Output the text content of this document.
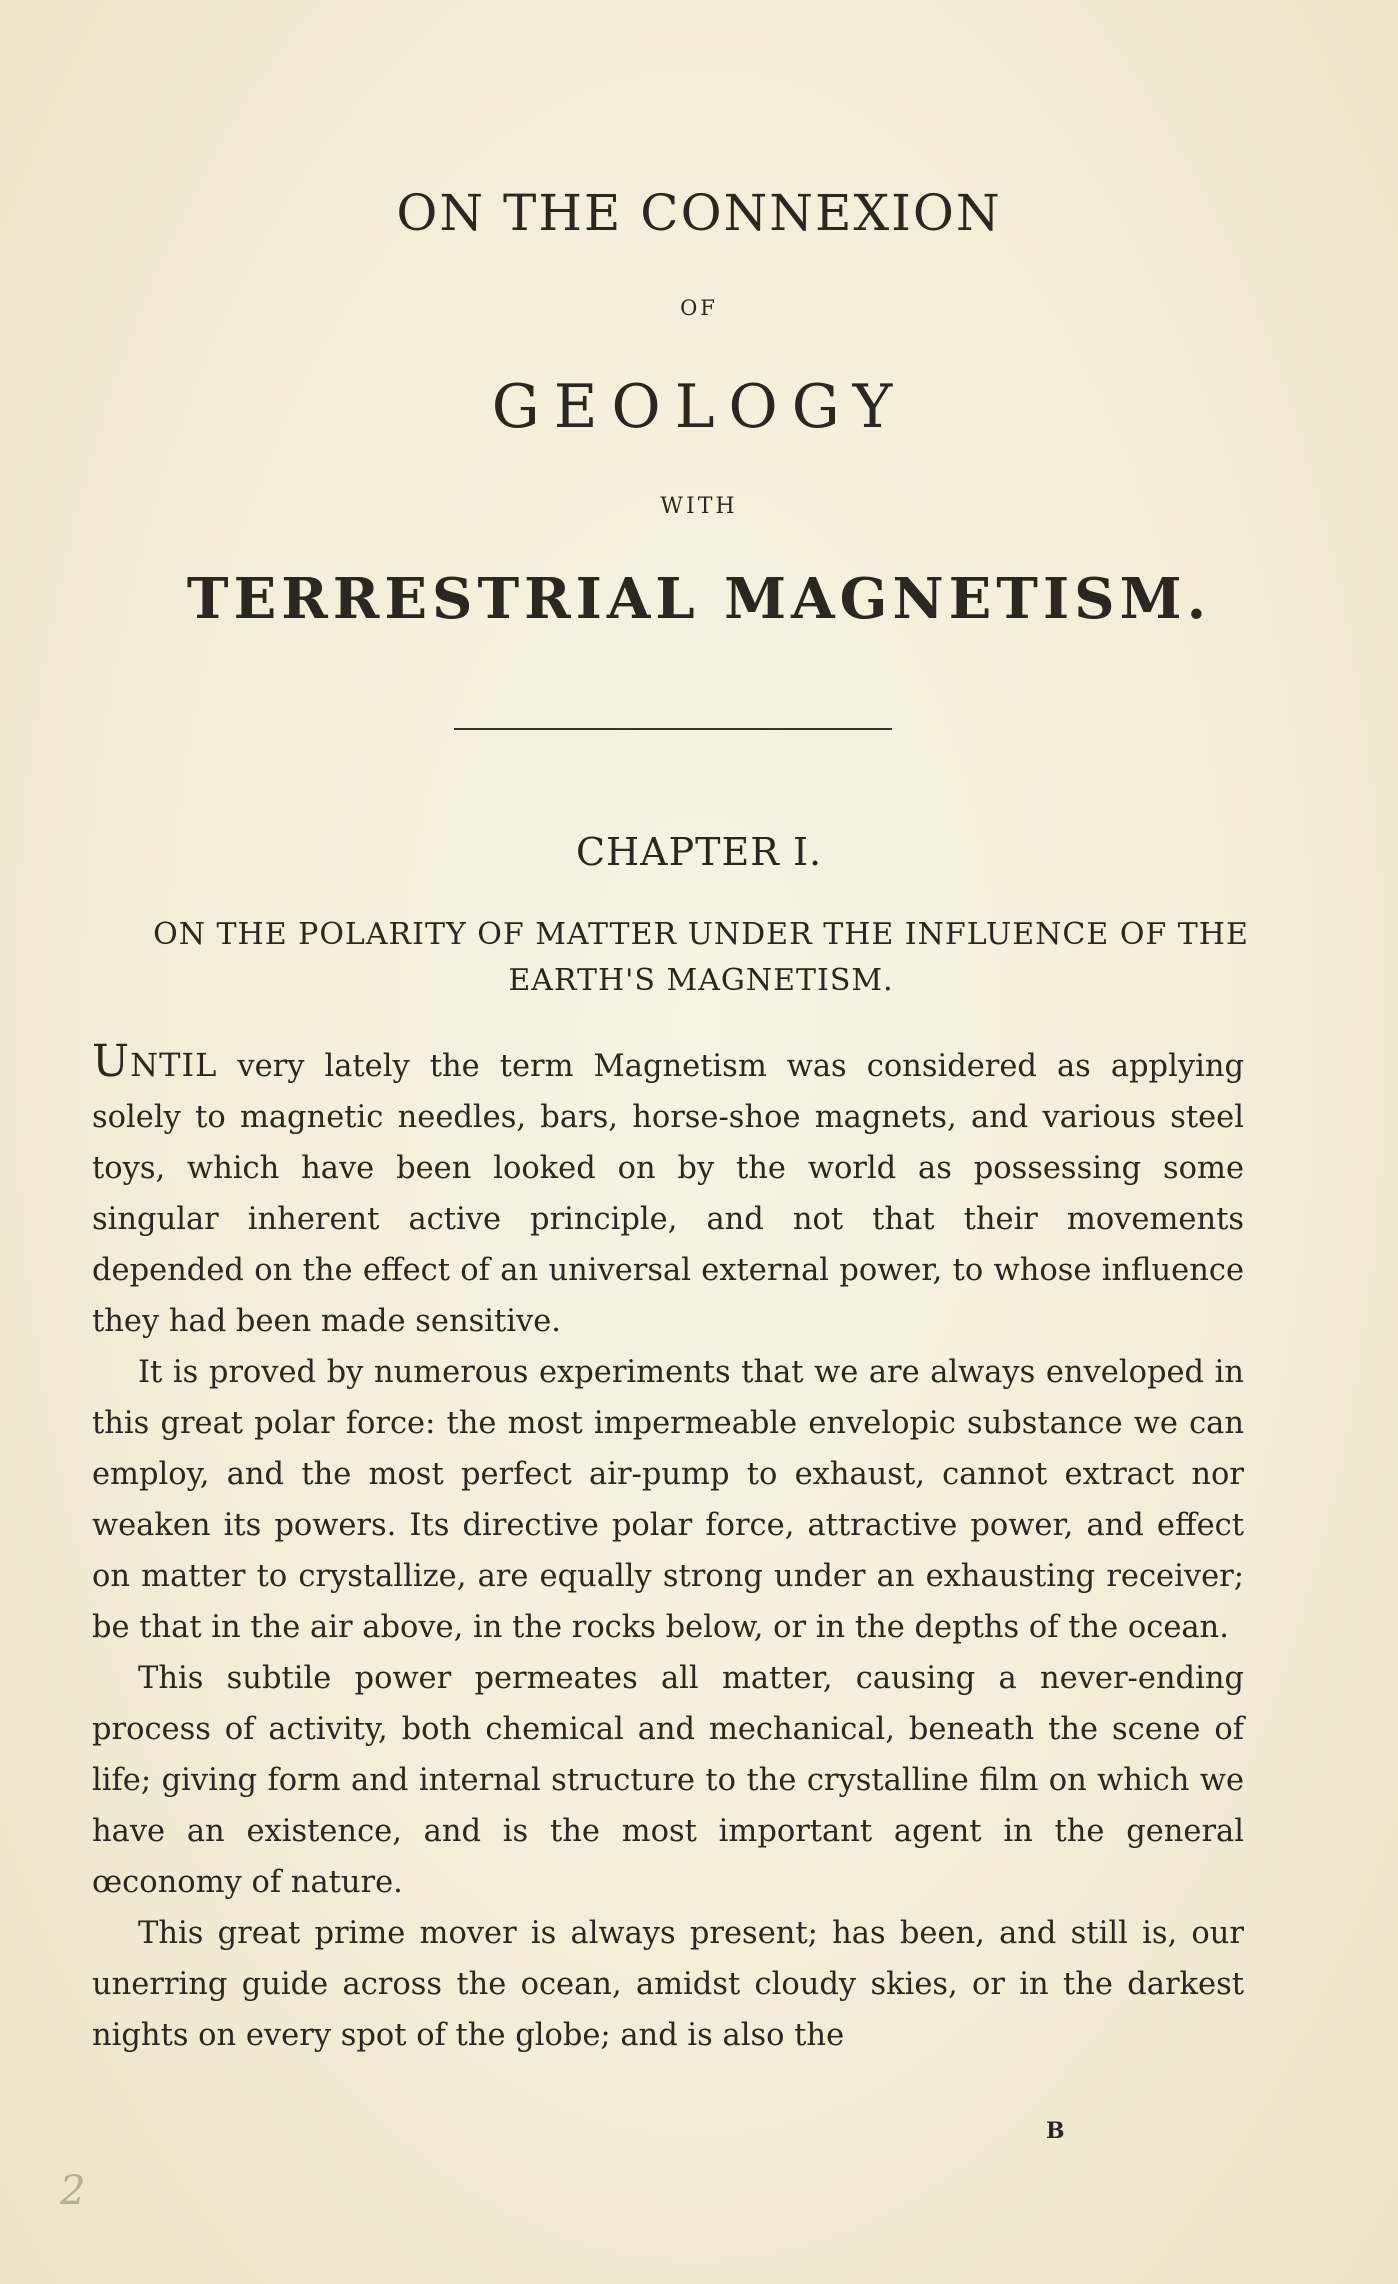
ON THE CONNEXION
OF
GEOLOGY
WITH
TERRESTRIAL MAGNETISM.
CHAPTER I.
ON THE POLARITY OF MATTER UNDER THE INFLUENCE OF THE EARTH'S MAGNETISM.

UNTIL very lately the term Magnetism was considered as applying solely to magnetic needles, bars, horse-shoe magnets, and various steel toys, which have been looked on by the world as possessing some singular inherent active principle, and not that their movements depended on the effect of an universal external power, to whose influence they had been made sensitive.

It is proved by numerous experiments that we are always enveloped in this great polar force: the most impermeable envelopic substance we can employ, and the most perfect air-pump to exhaust, cannot extract nor weaken its powers. Its directive polar force, attractive power, and effect on matter to crystallize, are equally strong under an exhausting receiver; be that in the air above, in the rocks below, or in the depths of the ocean.

This subtile power permeates all matter, causing a never-ending process of activity, both chemical and mechanical, beneath the scene of life; giving form and internal structure to the crystalline film on which we have an existence, and is the most important agent in the general œconomy of nature.

This great prime mover is always present; has been, and still is, our unerring guide across the ocean, amidst cloudy skies, or in the darkest nights on every spot of the globe; and is also the

B
2
